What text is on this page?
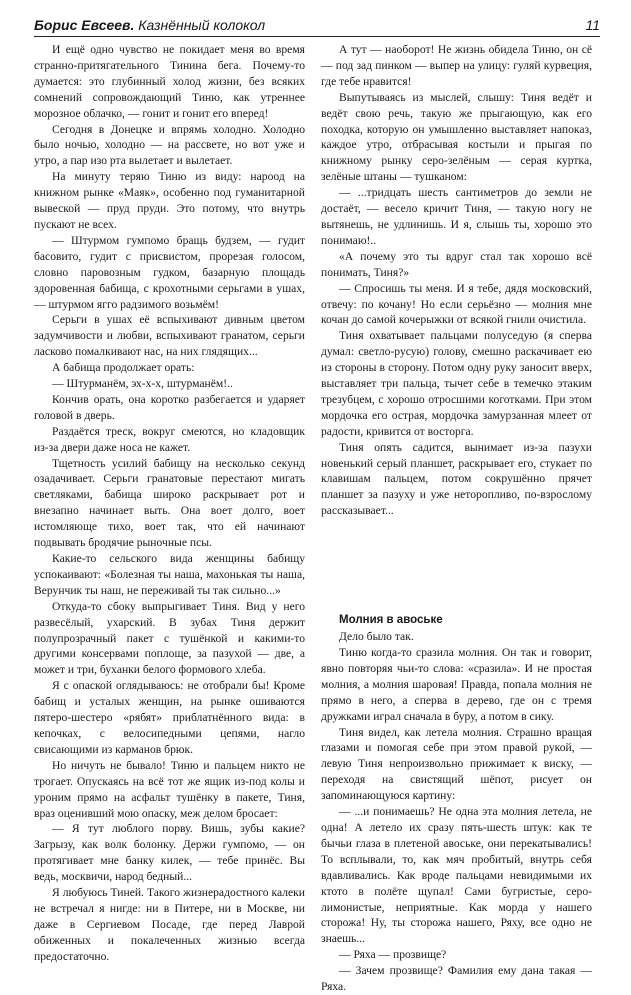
Борис Евсеев. Казнённый колокол	11

И ещё одно чувство не покидает меня во время странно-притягательного Тинина бега. Почему-то думается: это глубинный холод жизни, без всяких сомнений сопровождающий Тиню, как утреннее морозное облачко, — гонит и гонит его вперед!

Сегодня в Донецке и впрямь холодно. Холодно было ночью, холодно — на рассвете, но вот уже и утро, а пар изо рта вылетает и вылетает.

На минуту теряю Тиню из виду: нароод на книжном рынке «Маяк», особенно под гуманитарной вывеской — пруд пруди. Это потому, что внутрь пускают не всех.

— Штурмом гумпомо бращь будзем, — гудит басовито, гудит с присвистом, прорезая голосом, словно паровозным гудком, базарную площадь здоровенная бабища, с крохотными серьгами в ушах, — штурмом ягго радзимого возьмём!

Серьги в ушах её вспыхивают дивным цветом задумчивости и любви, вспыхивают гранатом, серьги ласково помалкивают нас, на них глядящих...

А бабища продолжает орать:

— Штурманём, эх-х-х, штурманём!..

Кончив орать, она коротко разбегается и ударяет головой в дверь.

Раздаётся треск, вокруг смеются, но кладовщик из-за двери даже носа не кажет.

Тщетность усилий бабищу на несколько секунд озадачивает. Серьги гранатовые перестают мигать светляками, бабища широко раскрывает рот и внезапно начинает выть. Она воет долго, воет истомляюще тихо, воет так, что ей начинают подвывать бродячие рыночные псы.

Какие-то сельского вида женщины бабищу успокаивают: «Болезная ты наша, махонькая ты наша, Верунчик ты наш, не переживай ты так сильно...»

Откуда-то сбоку выпрыгивает Тиня. Вид у него развесёлый, ухарский. В зубах Тиня держит полупрозрачный пакет с тушёнкой и какими-то другими консервами поплоще, за пазухой — две, а может и три, буханки белого формового хлеба.

Я с опаской оглядываюсь: не отобрали бы! Кроме бабищ и усталых женщин, на рынке ошиваются пятеро-шестеро «рябят» приблатнённого вида: в кепочках, с велосипедными цепями, нагло свисающими из карманов брюк.

Но ничуть не бывало! Тиню и пальцем никто не трогает. Опускаясь на всё тот же ящик из-под колы и уроним прямо на асфальт тушёнку в пакете, Тиня, враз оценивший мою опаску, меж делом бросает:

— Я тут люблого порву. Вишь, зубы какие? Загрызу, как волк болонку. Держи гумпомо, — он протягивает мне банку килек, — тебе принёс. Вы ведь, москвичи, народ бедный...

Я любуюсь Тиней. Такого жизнерадостного калеки не встречал я нигде: ни в Питере, ни в Москве, ни даже в Сергиевом Посаде, где перед Лаврой обиженных и покалеченных жизнью всегда предостаточно.

А тут — наоборот! Не жизнь обидела Тиню, он сё — под зад пинком — выпер на улицу: гуляй курвеция, где тебе нравится!

Выпутываясь из мыслей, слышу: Тиня ведёт и ведёт свою речь, такую же прыгающую, как его походка, которую он умышленно выставляет напоказ, каждое утро, отбрасывая костыли и прыгая по книжному рынку серо-зелёным — серая куртка, зелёные штаны — тушканом:

— ...тридцать шесть сантиметров до земли не достаёт, — весело кричит Тиня, — такую ногу не вытянешь, не удлинишь. И я, слышь ты, хорошо это понимаю!..

«А почему это ты вдруг стал так хорошо всё понимать, Тиня?»

— Спросишь ты меня. И я тебе, дядя московский, отвечу: по кочану! Но если серьёзно — молния мне кочан до самой кочерыжки от всякой гнили очистила.

Тиня охватывает пальцами полуседую (я сперва думал: светло-русую) голову, смешно раскачивает ею из стороны в сторону. Потом одну руку заносит вверх, выставляет три пальца, тычет себе в темечко этаким трезубцем, с хорошо отросшими коготками. При этом мордочка его острая, мордочка замурзанная млеет от радости, кривится от восторга.

Тиня опять садится, вынимает из-за пазухи новенький серый планшет, раскрывает его, стукает по клавишам пальцем, потом сокрушённо прячет планшет за пазуху и уже неторопливо, по-взрослому рассказывает...

Молния в авоське

Дело было так.

Тиню когда-то сразила молния. Он так и говорит, явно повторяя чьи-то слова: «сразила». И не простая молния, а молния шаровая! Правда, попала молния не прямо в него, а сперва в дерево, где он с тремя дружками играл сначала в буру, а потом в сику.

Тиня видел, как летела молния. Страшно вращая глазами и помогая себе при этом правой рукой, — левую Тиня непроизвольно прижимает к виску, — переходя на свистящий шёпот, рисует он запоминающуюся картину:

— ...и понимаешь? Не одна эта молния летела, не одна! А летело их сразу пять-шесть штук: как те бычьи глаза в плетеной авоське, они перекатывались! То всплывали, то, как мяч пробитый, внутрь себя вдавливались. Как вроде пальцами невидимыми их ктото в полёте щупал! Сами бугристые, серо-лимонистые, неприятные. Как морда у нашего сторожа! Ну, ты сторожа нашего, Ряху, все одно не знаешь...

— Ряха — прозвище?

— Зачем прозвище? Фамилия ему дана такая — Ряха.
